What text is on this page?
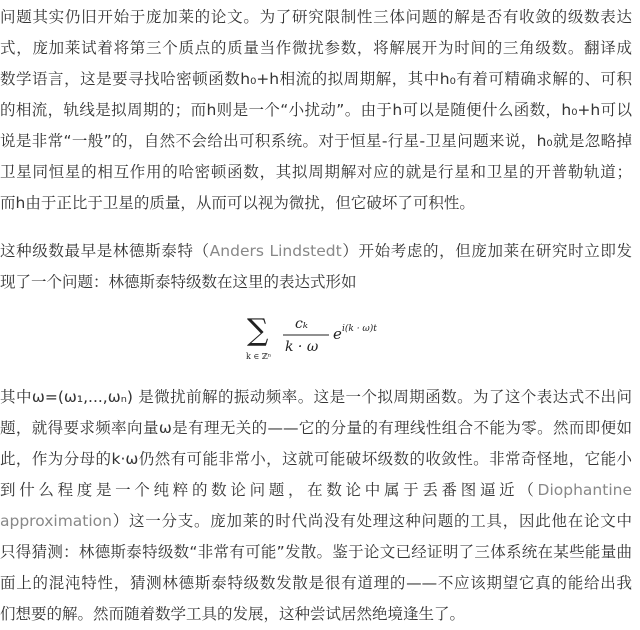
问题其实仍旧开始于庞加莱的论文。为了研究限制性三体问题的解是否有收敛的级数表达
式，庞加莱试着将第三个质点的质量当作微扰参数，将解展开为时间的三角级数。翻译成
数学语言，这是要寻找哈密顿函数h₀+h相流的拟周期解，其中h₀有着可精确求解的、可积
的相流，轨线是拟周期的；而h则是一个“小扰动”。由于h可以是随便什么函数，h₀+h可以
说是非常“一般”的，自然不会给出可积系统。对于恒星-行星-卫星问题来说，h₀就是忽略掉
卫星同恒星的相互作用的哈密顿函数，其拟周期解对应的就是行星和卫星的开普勒轨道；
而h由于正比于卫星的质量，从而可以视为微扰，但它破坏了可积性。
这种级数最早是林德斯泰特（Anders Lindstedt）开始考虑的，但庞加莱在研究时立即发
现了一个问题：林德斯泰特级数在这里的表达式形如
∑
k ∈ ℤⁿ
cₖ
k · ω
e i(k · ω)t
其中ω=(ω₁,...,ωₙ) 是微扰前解的振动频率。这是一个拟周期函数。为了这个表达式不出问
题，就得要求频率向量ω是有理无关的——它的分量的有理线性组合不能为零。然而即便如
此，作为分母的k·ω仍然有可能非常小，这就可能破坏级数的收敛性。非常奇怪地，它能小
到什么程度是一个纯粹的数论问题，在数论中属于丢番图逼近（Diophantine
approximation）这一分支。庞加莱的时代尚没有处理这种问题的工具，因此他在论文中
只得猜测：林德斯泰特级数“非常有可能”发散。鉴于论文已经证明了三体系统在某些能量曲
面上的混沌特性，猜测林德斯泰特级数发散是很有道理的——不应该期望它真的能给出我
们想要的解。然而随着数学工具的发展，这种尝试居然绝境逢生了。
